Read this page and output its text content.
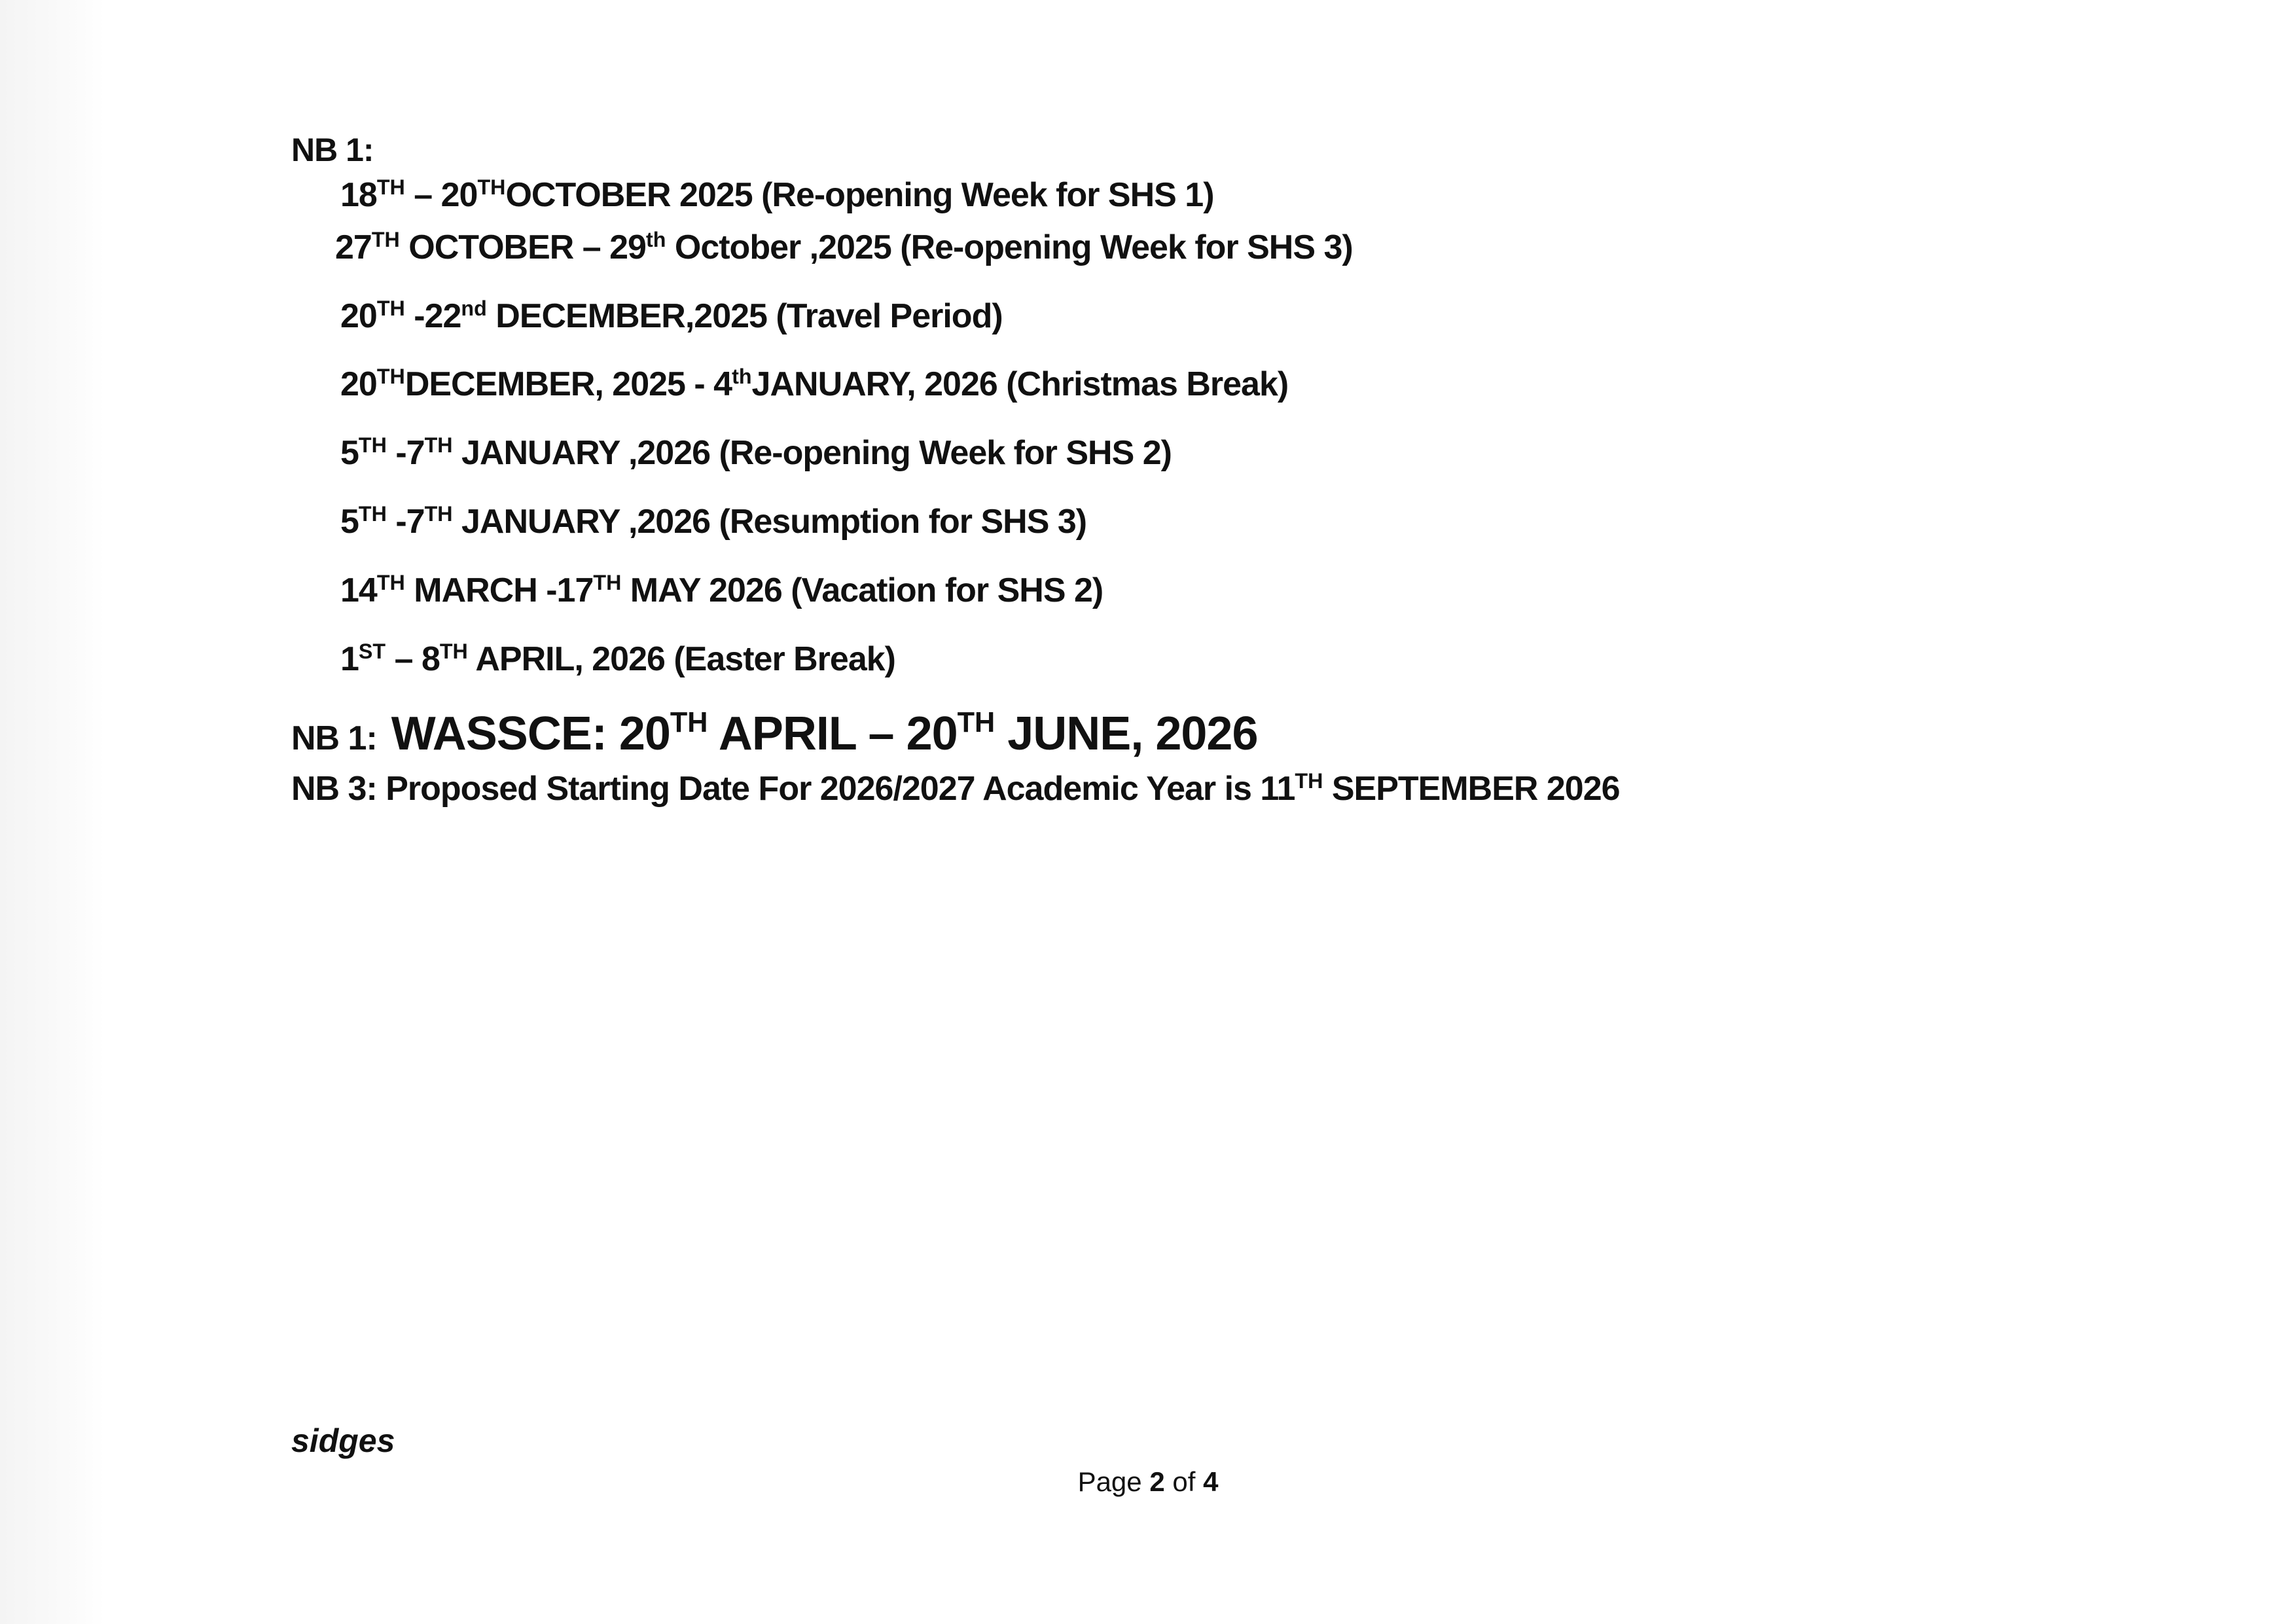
NB 1:
18TH – 20THOCTOBER 2025 (Re-opening Week for SHS 1)
27TH OCTOBER – 29th October ,2025 (Re-opening Week for SHS 3)
20TH -22nd DECEMBER,2025 (Travel Period)
20THDECEMBER, 2025 - 4thJANUARY, 2026 (Christmas Break)
5TH -7TH JANUARY ,2026 (Re-opening Week for SHS 2)
5TH -7TH JANUARY ,2026 (Resumption for SHS 3)
14TH MARCH -17TH MAY 2026 (Vacation for SHS 2)
1ST – 8TH APRIL, 2026 (Easter Break)
NB 1: WASSCE: 20TH APRIL – 20TH JUNE, 2026
NB 3: Proposed Starting Date For 2026/2027 Academic Year is 11TH SEPTEMBER 2026
sidges
Page 2 of 4
